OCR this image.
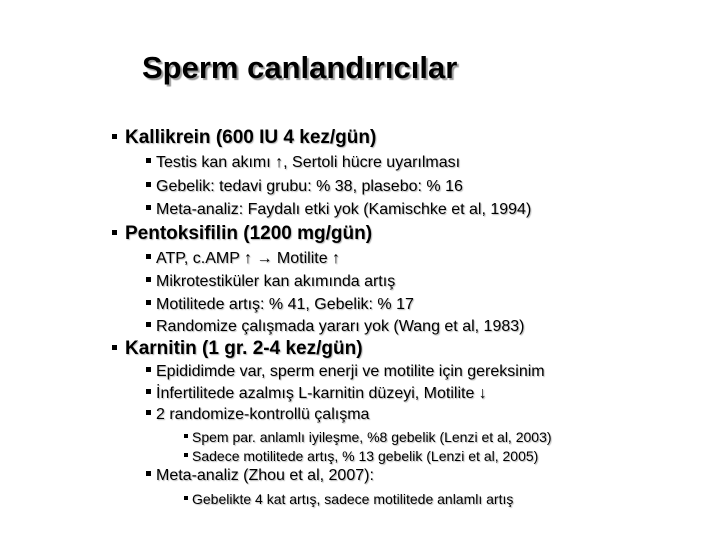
Sperm canlandırıcılar
Kallikrein (600 IU 4 kez/gün)
Testis kan akımı ↑, Sertoli hücre uyarılması
Gebelik: tedavi grubu: % 38, plasebo: % 16
Meta-analiz: Faydalı etki yok (Kamischke et al, 1994)
Pentoksifilin (1200 mg/gün)
ATP, c.AMP ↑ → Motilite ↑
Mikrotestiküler kan akımında artış
Motilitede artış: % 41, Gebelik: % 17
Randomize çalışmada yararı yok (Wang et al, 1983)
Karnitin (1 gr. 2-4 kez/gün)
Epididimde var, sperm enerji ve motilite için gereksinim
İnfertilitede azalmış L-karnitin düzeyi, Motilite ↓
2 randomize-kontrollü çalışma
Spem par. anlamlı iyileşme, %8 gebelik (Lenzi et al, 2003)
Sadece motilitede artış, % 13 gebelik (Lenzi et al, 2005)
Meta-analiz (Zhou et al, 2007):
Gebelikte 4 kat artış, sadece motilitede anlamlı artış
